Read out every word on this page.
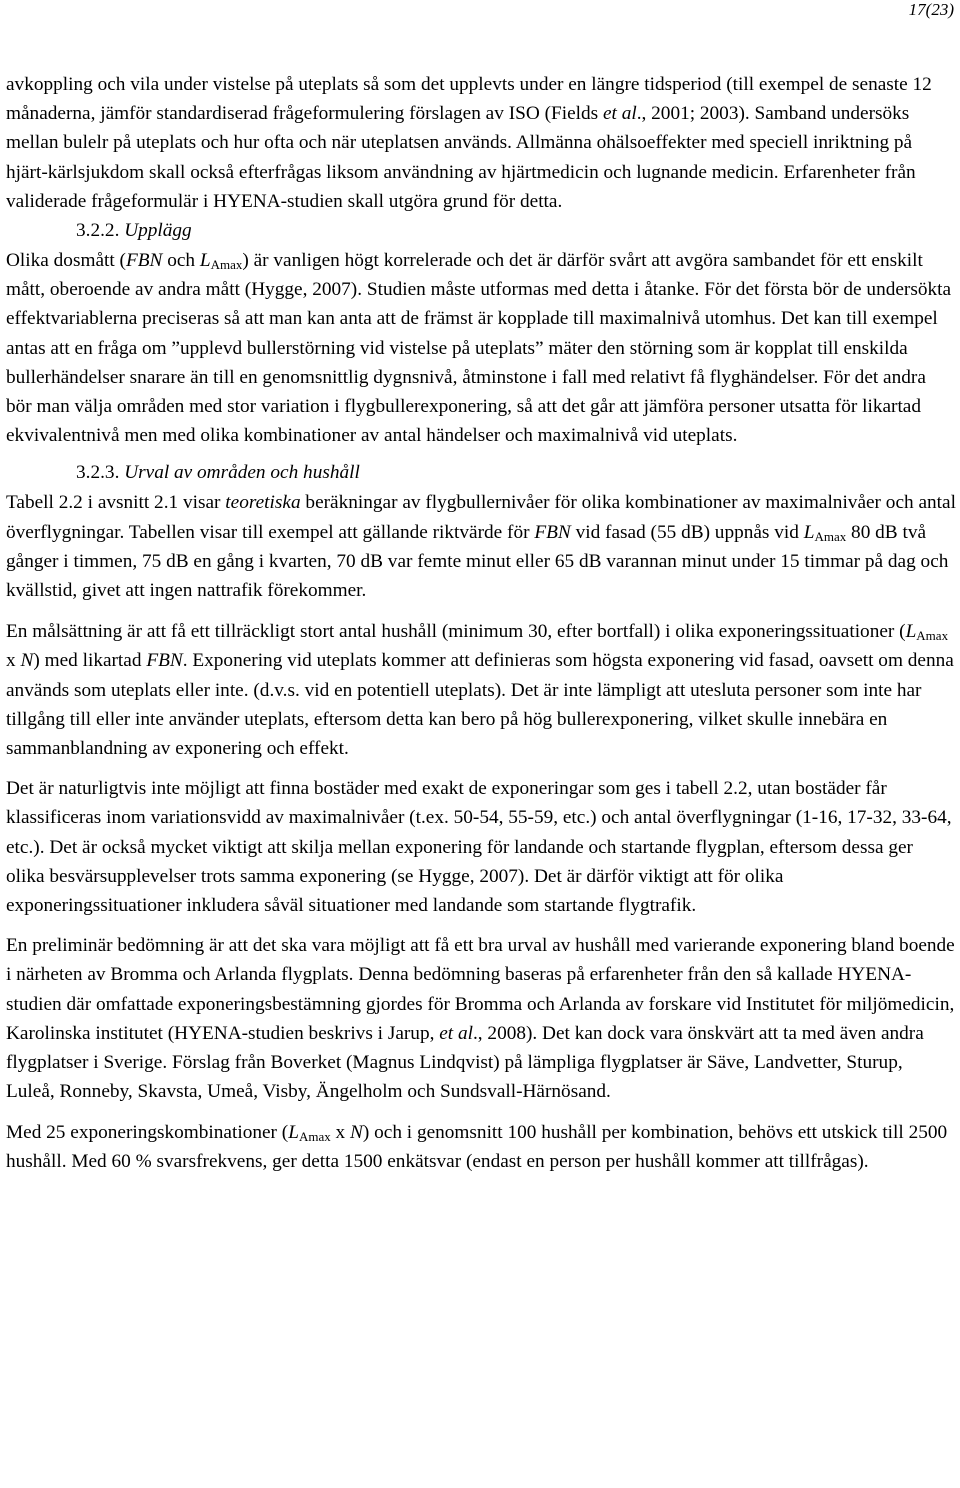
17(23)

avkoppling och vila under vistelse på uteplats så som det upplevts under en längre tidsperiod (till exempel de senaste 12 månaderna, jämför standardiserad frågeformulering förslagen av ISO (Fields et al., 2001; 2003). Samband undersöks mellan bulelr på uteplats och hur ofta och när uteplatsen används. Allmänna ohälsoeffekter med speciell inriktning på hjärt-kärlsjukdom skall också efterfrågas liksom användning av hjärtmedicin och lugnande medicin. Erfarenheter från validerade frågeformulär i HYENA-studien skall utgöra grund för detta.

3.2.2. Upplägg

Olika dosmått (FBN och $L_{Amax}$) är vanligen högt korrelerade och det är därför svårt att avgöra sambandet för ett enskilt mått, oberoende av andra mått (Hygge, 2007). Studien måste utformas med detta i åtanke. För det första bör de undersökta effektvariablerna preciseras så att man kan anta att de främst är kopplade till maximalnivå utomhus. Det kan till exempel antas att en fråga om ”upplevd bullerstörning vid vistelse på uteplats” mäter den störning som är kopplat till enskilda bullerhändelser snarare än till en genomsnittlig dygnsnivå, åtminstone i fall med relativt få flyghändelser. För det andra bör man välja områden med stor variation i flygbullerexponering, så att det går att jämföra personer utsatta för likartad ekvivalentnivå men med olika kombinationer av antal händelser och maximalnivå vid uteplats.

3.2.3. Urval av områden och hushåll

Tabell 2.2 i avsnitt 2.1 visar teoretiska beräkningar av flygbullernivåer för olika kombinationer av maximalnivåer och antal överflygningar. Tabellen visar till exempel att gällande riktvärde för FBN vid fasad (55 dB) uppnås vid $L_{Amax}$ 80 dB två gånger i timmen, 75 dB en gång i kvarten, 70 dB var femte minut eller 65 dB varannan minut under 15 timmar på dag och kvällstid, givet att ingen nattrafik förekommer.

En målsättning är att få ett tillräckligt stort antal hushåll (minimum 30, efter bortfall) i olika exponeringssituationer ($L_{Amax}$ x N) med likartad FBN. Exponering vid uteplats kommer att definieras som högsta exponering vid fasad, oavsett om denna används som uteplats eller inte. (d.v.s. vid en potentiell uteplats). Det är inte lämpligt att utesluta personer som inte har tillgång till eller inte använder uteplats, eftersom detta kan bero på hög bullerexponering, vilket skulle innebära en sammanblandning av exponering och effekt.

Det är naturligtvis inte möjligt att finna bostäder med exakt de exponeringar som ges i tabell 2.2, utan bostäder får klassificeras inom variationsvidd av maximalnivåer (t.ex. 50-54, 55-59, etc.) och antal överflygningar (1-16, 17-32, 33-64, etc.). Det är också mycket viktigt att skilja mellan exponering för landande och startande flygplan, eftersom dessa ger olika besvärsupplevelser trots samma exponering (se Hygge, 2007). Det är därför viktigt att för olika exponeringssituationer inkludera såväl situationer med landande som startande flygtrafik.

En preliminär bedömning är att det ska vara möjligt att få ett bra urval av hushåll med varierande exponering bland boende i närheten av Bromma och Arlanda flygplats. Denna bedömning baseras på erfarenheter från den så kallade HYENA-studien där omfattade exponeringsbestämning gjordes för Bromma och Arlanda av forskare vid Institutet för miljömedicin, Karolinska institutet (HYENA-studien beskrivs i Jarup, et al., 2008). Det kan dock vara önskvärt att ta med även andra flygplatser i Sverige. Förslag från Boverket (Magnus Lindqvist) på lämpliga flygplatser är Säve, Landvetter, Sturup, Luleå, Ronneby, Skavsta, Umeå, Visby, Ängelholm och Sundsvall-Härnösand.

Med 25 exponeringskombinationer ($L_{Amax}$ x N) och i genomsnitt 100 hushåll per kombination, behövs ett utskick till 2500 hushåll. Med 60 % svarsfrekvens, ger detta 1500 enkätsvar (endast en person per hushåll kommer att tillfrågas).
